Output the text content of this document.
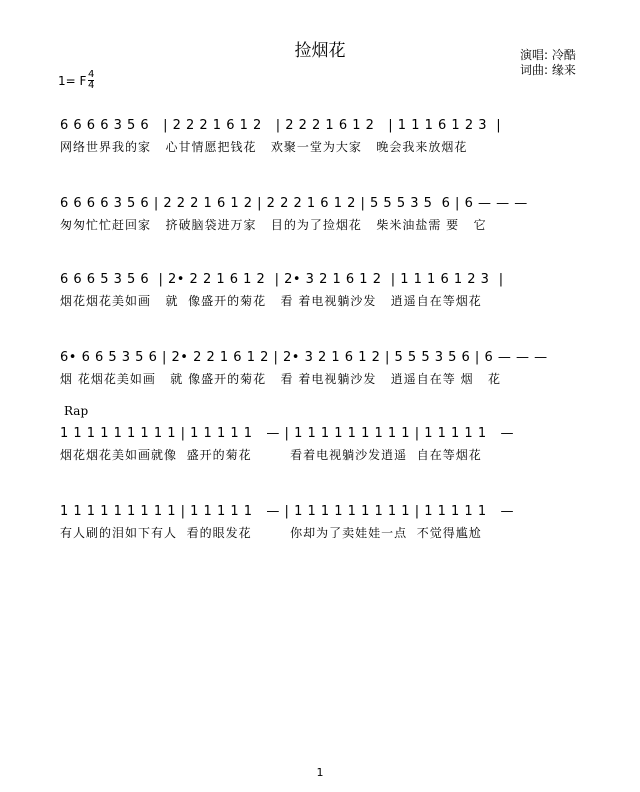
捡烟花	演唱: 冷酷
词曲: 缘来
1= F $\frac{4}{4}$
6 6 6 6 3 5 6   | 2 2 2 1 6 1 2   | 2 2 2 1 6 1 2   | 1 1 1 6 1 2 3  |
网络世界我的家   心甘情愿把钱花   欢聚一堂为大家   晚会我来放烟花
6 6 6 6 3 5 6 | 2 2 2 1 6 1 2 | 2 2 2 1 6 1 2 | 5 5 5 3 5  6 | 6 — — —
匆匆忙忙赶回家   挤破脑袋进万家   目的为了捡烟花   柴米油盐需 要   它
6 6 6 5 3 5 6  | 2• 2 2 1 6 1 2  | 2• 3 2 1 6 1 2  | 1 1 1 6 1 2 3  |
烟花烟花美如画   就  像盛开的菊花   看 着电视躺沙发   逍遥自在等烟花
6• 6 6 5 3 5 6 | 2• 2 2 1 6 1 2 | 2• 3 2 1 6 1 2 | 5 5 5 3 5 6 | 6 — — —
烟 花烟花美如画   就 像盛开的菊花   看 着电视躺沙发   逍遥自在等 烟   花
Rap
1 1 1 1 1 1 1 1 1 | 1 1 1 1 1   — | 1 1 1 1 1 1 1 1 1 | 1 1 1 1 1   —
烟花烟花美如画就像  盛开的菊花        看着电视躺沙发逍遥  自在等烟花
1 1 1 1 1 1 1 1 1 | 1 1 1 1 1   — | 1 1 1 1 1 1 1 1 1 | 1 1 1 1 1   —
有人刷的泪如下有人  看的眼发花        你却为了卖娃娃一点  不觉得尴尬
1
